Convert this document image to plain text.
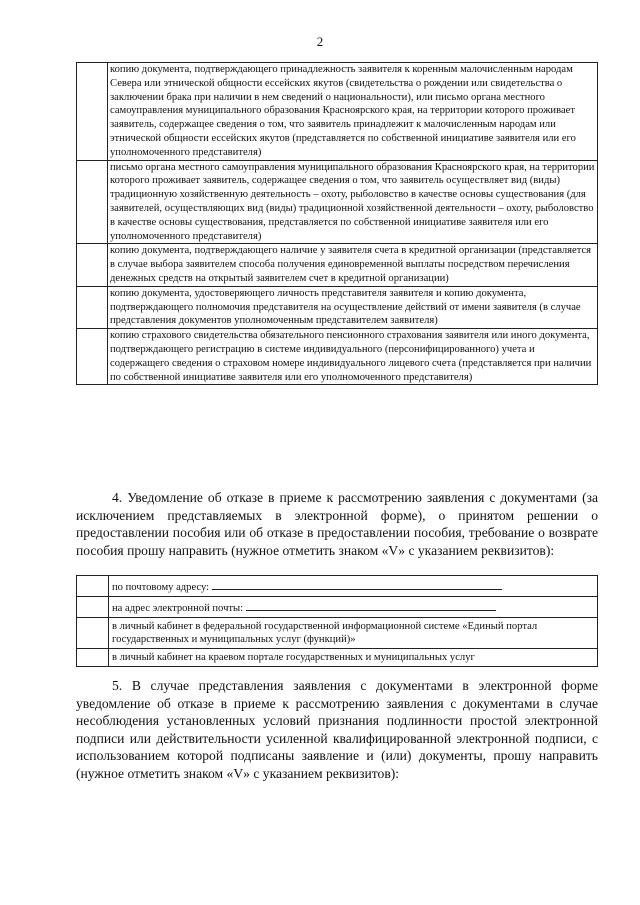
2
	копию документа, подтверждающего принадлежность заявителя к коренным малочисленным народам Севера или этнической общности ессейских якутов (свидетельства о рождении или свидетельства о заключении брака при наличии в нем сведений о национальности), или письмо органа местного самоуправления муниципального образования Красноярского края, на территории которого проживает заявитель, содержащее сведения о том, что заявитель принадлежит к малочисленным народам или этнической общности ессейских якутов (представляется по собственной инициативе заявителя или его уполномоченного представителя)
	письмо органа местного самоуправления муниципального образования Красноярского края, на территории которого проживает заявитель, содержащее сведения о том, что заявитель осуществляет вид (виды) традиционную хозяйственную деятельность – охоту, рыболовство в качестве основы существования (для заявителей, осуществляющих вид (виды) традиционной хозяйственной деятельности – охоту, рыболовство в качестве основы существования, представляется по собственной инициативе заявителя или его уполномоченного представителя)
	копию документа, подтверждающего наличие у заявителя счета в кредитной организации (представляется в случае выбора заявителем способа получения единовременной выплаты посредством перечисления денежных средств на открытый заявителем счет в кредитной организации)
	копию документа, удостоверяющего личность представителя заявителя и копию документа, подтверждающего полномочия представителя на осуществление действий от имени заявителя (в случае представления документов уполномоченным представителем заявителя)
	копию страхового свидетельства обязательного пенсионного страхования заявителя или иного документа, подтверждающего регистрацию в системе индивидуального (персонифицированного) учета и содержащего сведения о страховом номере индивидуального лицевого счета (представляется при наличии по собственной инициативе заявителя или его уполномоченного представителя)
4. Уведомление об отказе в приеме к рассмотрению заявления с документами (за исключением представляемых в электронной форме), о принятом решении о предоставлении пособия или об отказе в предоставлении пособия, требование о возврате пособия прошу направить (нужное отметить знаком «V» с указанием реквизитов):
	по почтовому адресу:
	на адрес электронной почты:
	в личный кабинет в федеральной государственной информационной системе «Единый портал государственных и муниципальных услуг (функций)»
	в личный кабинет на краевом портале государственных и муниципальных услуг
5. В случае представления заявления с документами в электронной форме уведомление об отказе в приеме к рассмотрению заявления с документами в случае несоблюдения установленных условий признания подлинности простой электронной подписи или действительности усиленной квалифицированной электронной подписи, с использованием которой подписаны заявление и (или) документы, прошу направить (нужное отметить знаком «V» с указанием реквизитов):
